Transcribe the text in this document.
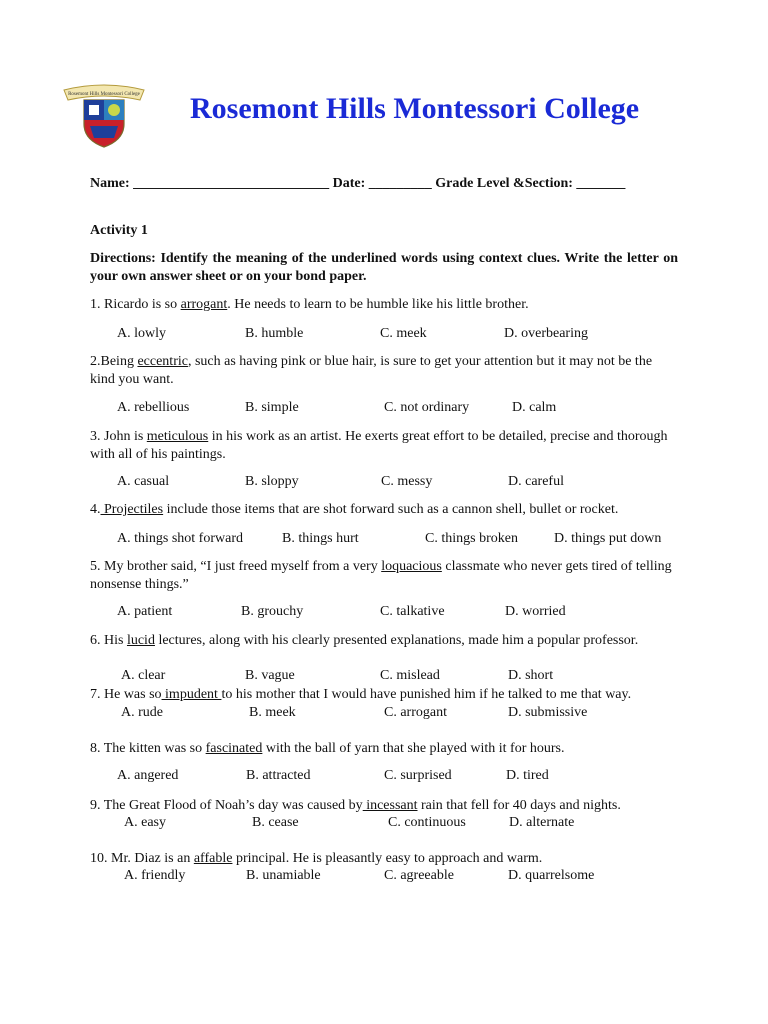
Rosemont Hills Montessori College Rosemont Hills Montessori College
Name: ____________________________ Date: _________ Grade Level &Section: _______
Activity 1
Directions: Identify the meaning of the underlined words using context clues. Write the letter on your own answer sheet or on your bond paper.
1. Ricardo is so arrogant. He needs to learn to be humble like his little brother.
A. lowly	B. humble	C. meek	D. overbearing
2.Being eccentric, such as having pink or blue hair, is sure to get your attention but it may not be the kind you want.
A. rebellious	B. simple	C. not ordinary	D. calm
3. John is meticulous in his work as an artist. He exerts great effort to be detailed, precise and thorough with all of his paintings.
A. casual	B. sloppy	C. messy	D. careful
4. Projectiles include those items that are shot forward such as a cannon shell, bullet or rocket.
A. things shot forward	B. things hurt	C. things broken	D. things put down
5. My brother said, “I just freed myself from a very loquacious classmate who never gets tired of telling nonsense things.”
A. patient	B. grouchy	C. talkative	D. worried
6. His lucid lectures, along with his clearly presented explanations, made him a popular professor.
A. clear	B. vague	C. mislead	D. short
7. He was so impudent to his mother that I would have punished him if he talked to me that way.
A. rude	B. meek	C. arrogant	D. submissive
8. The kitten was so fascinated with the ball of yarn that she played with it for hours.
A. angered	B. attracted	C. surprised	D. tired
9. The Great Flood of Noah’s day was caused by incessant rain that fell for 40 days and nights.
A. easy	B. cease	C. continuous	D. alternate
10. Mr. Diaz is an affable principal. He is pleasantly easy to approach and warm.
A. friendly	B. unamiable	C. agreeable	D. quarrelsome
